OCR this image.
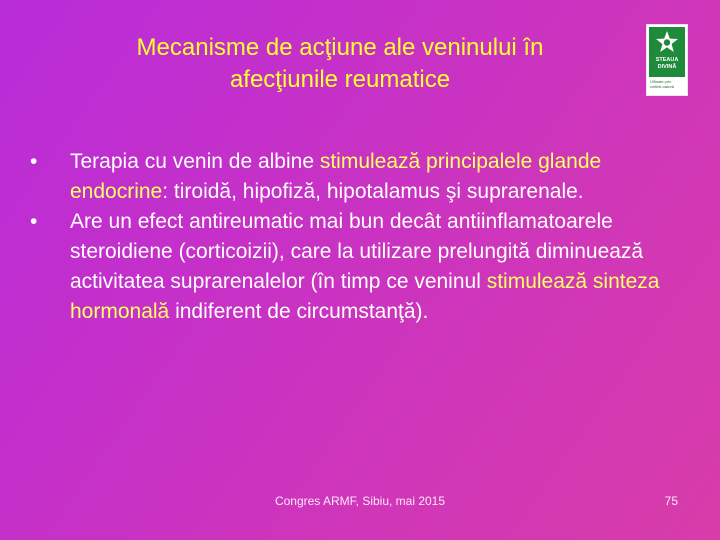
Mecanisme de acţiune ale veninului în
afecţiunile reumatice
STEAUA
DIVINĂ
Ulfinate prin
vinfinit-natură
•	Terapia cu venin de albine stimulează principalele glande endocrine: tiroidă, hipofiză, hipotalamus şi suprarenale.
•	Are un efect antireumatic mai bun decât antiinflamatoarele steroidiene (corticoizii), care la utilizare prelungită diminuează activitatea suprarenalelor (în timp ce veninul stimulează sinteza hormonală indiferent de circumstanţă).
Congres ARMF, Sibiu, mai 2015	75
